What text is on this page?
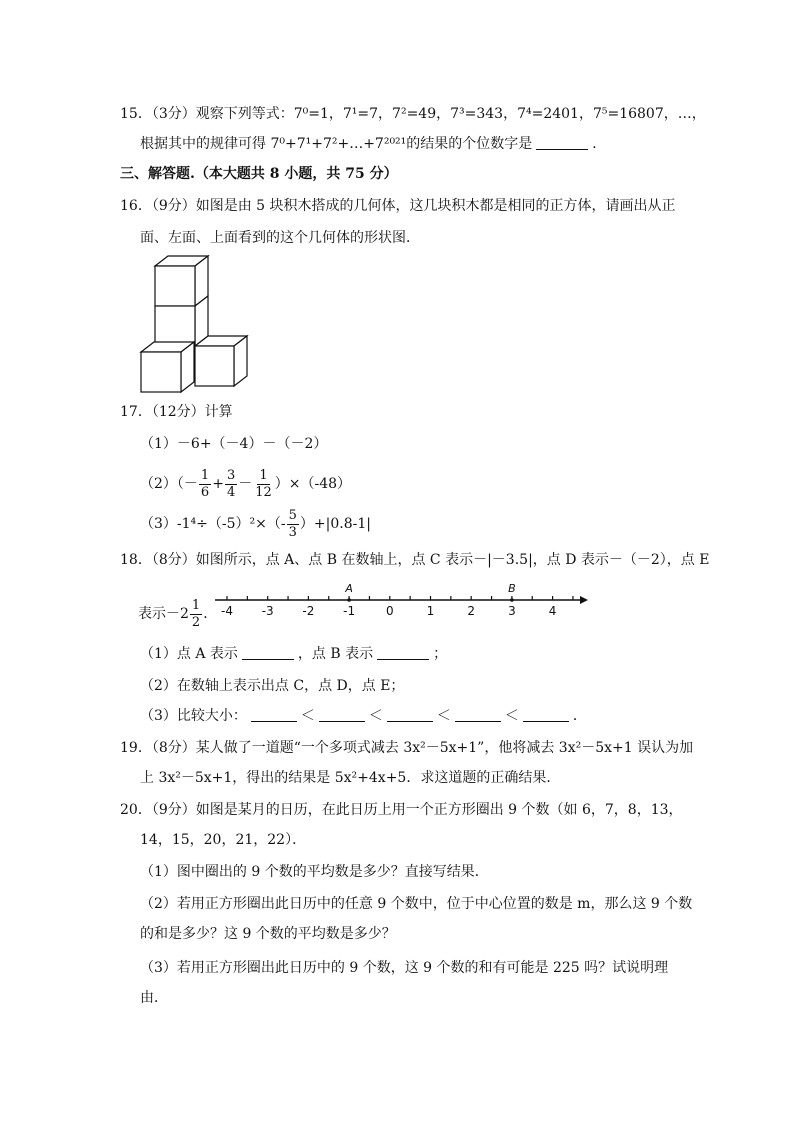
15．（3分）观察下列等式：7⁰=1，7¹=7，7²=49，7³=343，7⁴=2401，7⁵=16807，…，
根据其中的规律可得 7⁰+7¹+7²+…+7²⁰²¹的结果的个位数字是	．
三、解答题.（本大题共 8 小题，共 75 分）
16．（9分）如图是由 5 块积木搭成的几何体，这几块积木都是相同的正方体，请画出从正
面、左面、上面看到的这个几何体的形状图．
17．（12分）计算
（1）－6+（－4）－（－2）
$(2)(- \frac{1}{6} + \frac{3}{4} - \frac{1}{12} )\times(-48)$
$(3)-1^4\div(-5)^2\times(- \frac{5}{3} )+|0.8-1|$
18．（8分）如图所示，点 A、点 B 在数轴上，点 C 表示－|－3.5|，点 D 表示－（－2），点 E
表示$-2 \frac{1}{2}$ ． -4 -3 -2 -1	0	1	2	3	4
A	B
（1）点 A 表示	，点 B 表示	；
（2）在数轴上表示出点 C，点 D，点 E；
（3）比较大小：	＜	＜	＜	＜	．
19．（8分）某人做了一道题“一个多项式减去 3x²－5x+1”，他将减去 3x²－5x+1 误认为加
上 3x²－5x+1，得出的结果是 5x²+4x+5．求这道题的正确结果．
20．（9分）如图是某月的日历，在此日历上用一个正方形圈出 9 个数（如 6，7，8，13，
14，15，20，21，22）．
（1）图中圈出的 9 个数的平均数是多少？直接写结果．
（2）若用正方形圈出此日历中的任意 9 个数中，位于中心位置的数是 m，那么这 9 个数
的和是多少？这 9 个数的平均数是多少？
（3）若用正方形圈出此日历中的 9 个数，这 9 个数的和有可能是 225 吗？试说明理
由．
